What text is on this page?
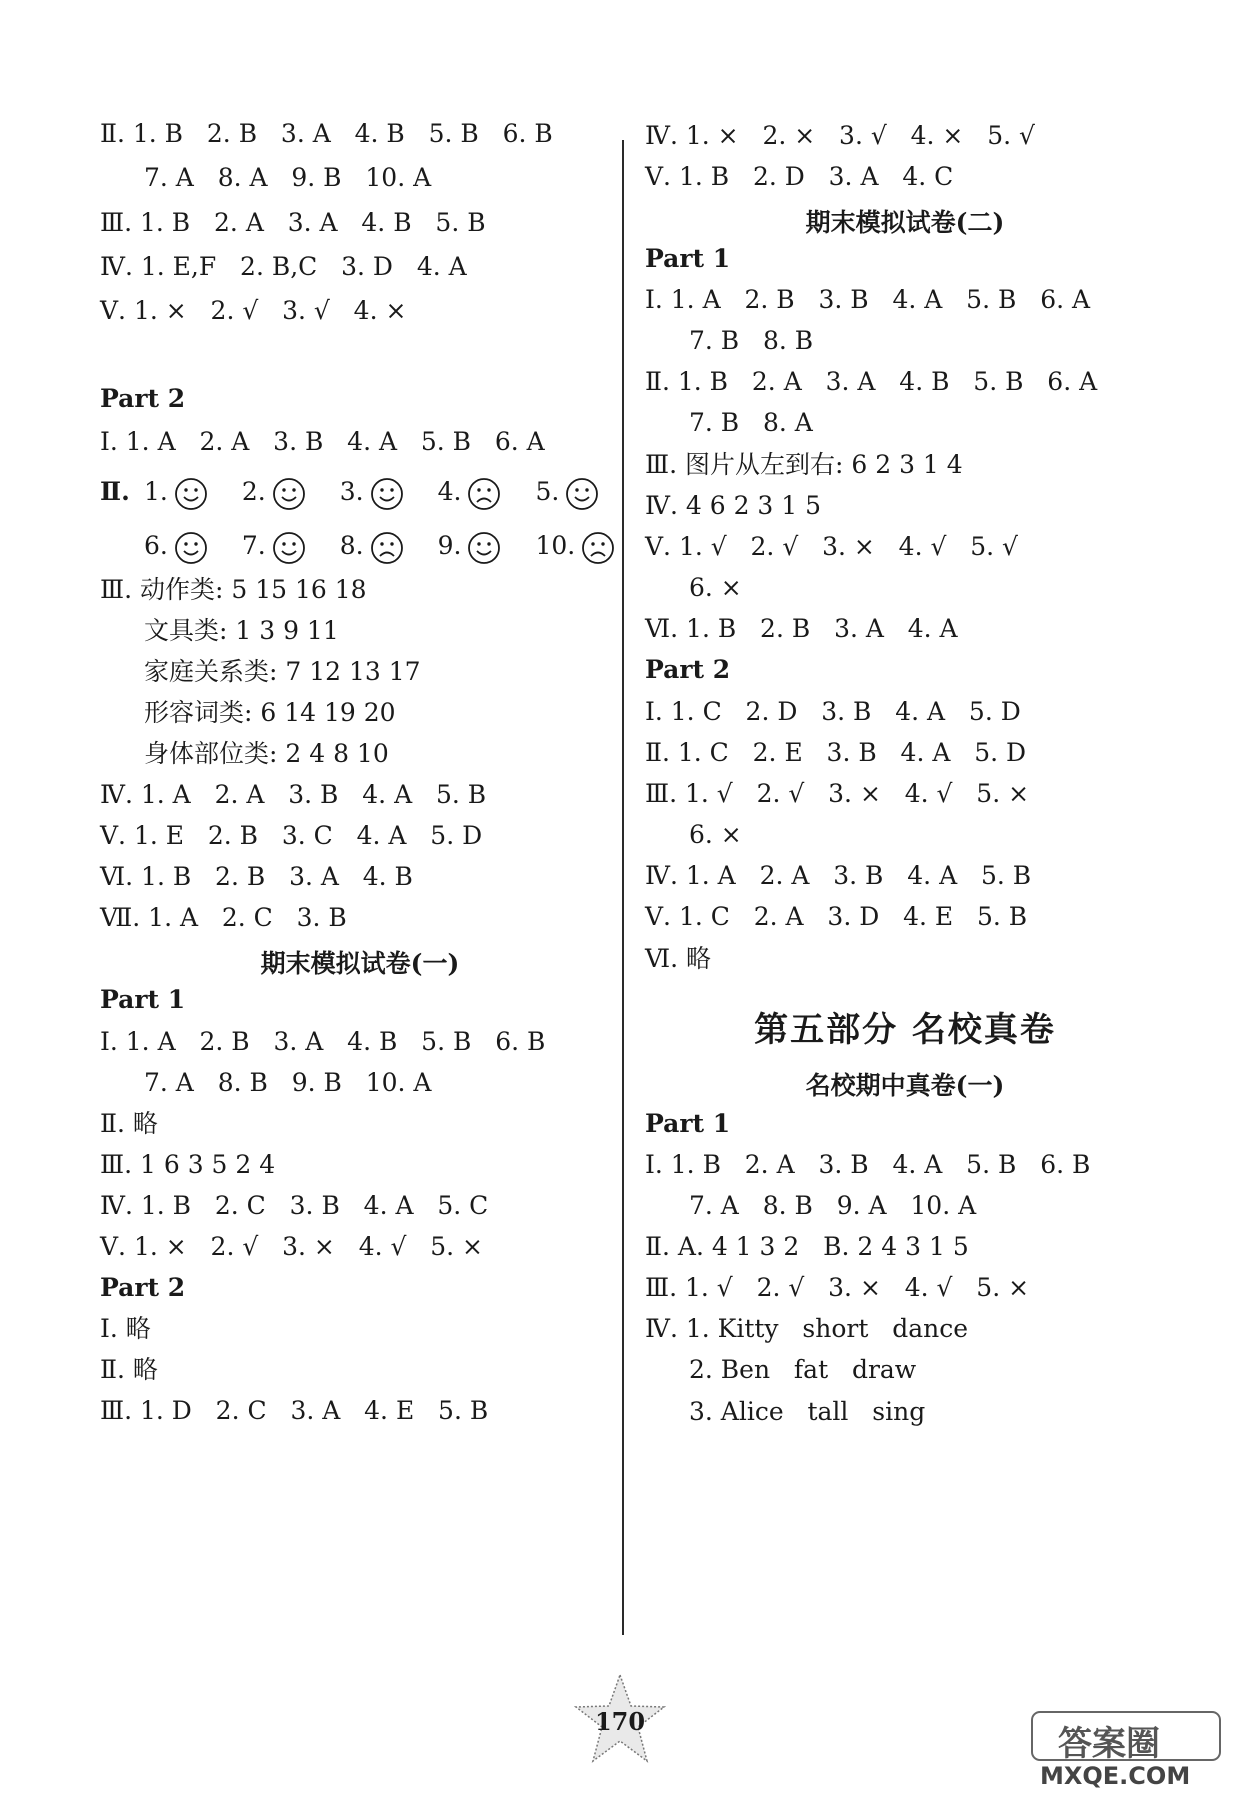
Ⅱ. 1. B   2. B   3. A   4. B   5. B   6. B
7. A   8. A   9. B   10. A
Ⅲ. 1. B   2. A   3. A   4. B   5. B
Ⅳ. 1. E,F   2. B,C   3. D   4. A
Ⅴ. 1. ×   2. √   3. √   4. ×
Part 2
Ⅰ. 1. A   2. A   3. B   4. A   5. B   6. A
Ⅱ. 1.	2.	3.	4.	5.
6.	7.	8.	9.	10.
Ⅲ. 动作类: 5 15 16 18
文具类: 1 3 9 11
家庭关系类: 7 12 13 17
形容词类: 6 14 19 20
身体部位类: 2 4 8 10
Ⅳ. 1. A   2. A   3. B   4. A   5. B
Ⅴ. 1. E   2. B   3. C   4. A   5. D
Ⅵ. 1. B   2. B   3. A   4. B
Ⅶ. 1. A   2. C   3. B
期末模拟试卷(一)
Part 1
Ⅰ. 1. A   2. B   3. A   4. B   5. B   6. B
7. A   8. B   9. B   10. A
Ⅱ. 略
Ⅲ. 1 6 3 5 2 4
Ⅳ. 1. B   2. C   3. B   4. A   5. C
Ⅴ. 1. ×   2. √   3. ×   4. √   5. ×
Part 2
Ⅰ. 略
Ⅱ. 略
Ⅲ. 1. D   2. C   3. A   4. E   5. B
Ⅳ. 1. ×   2. ×   3. √   4. ×   5. √
Ⅴ. 1. B   2. D   3. A   4. C
期末模拟试卷(二)
Part 1
Ⅰ. 1. A   2. B   3. B   4. A   5. B   6. A
7. B   8. B
Ⅱ. 1. B   2. A   3. A   4. B   5. B   6. A
7. B   8. A
Ⅲ. 图片从左到右: 6 2 3 1 4
Ⅳ. 4 6 2 3 1 5
Ⅴ. 1. √   2. √   3. ×   4. √   5. √
6. ×
Ⅵ. 1. B   2. B   3. A   4. A
Part 2
Ⅰ. 1. C   2. D   3. B   4. A   5. D
Ⅱ. 1. C   2. E   3. B   4. A   5. D
Ⅲ. 1. √   2. √   3. ×   4. √   5. ×
6. ×
Ⅳ. 1. A   2. A   3. B   4. A   5. B
Ⅴ. 1. C   2. A   3. D   4. E   5. B
Ⅵ. 略
第五部分 名校真卷
名校期中真卷(一)
Part 1
Ⅰ. 1. B   2. A   3. B   4. A   5. B   6. B
7. A   8. B   9. A   10. A
Ⅱ. A. 4 1 3 2   B. 2 4 3 1 5
Ⅲ. 1. √   2. √   3. ×   4. √   5. ×
Ⅳ. 1. Kitty   short   dance
2. Ben   fat   draw
3. Alice   tall   sing
170
答案圈
MXQE.COM
